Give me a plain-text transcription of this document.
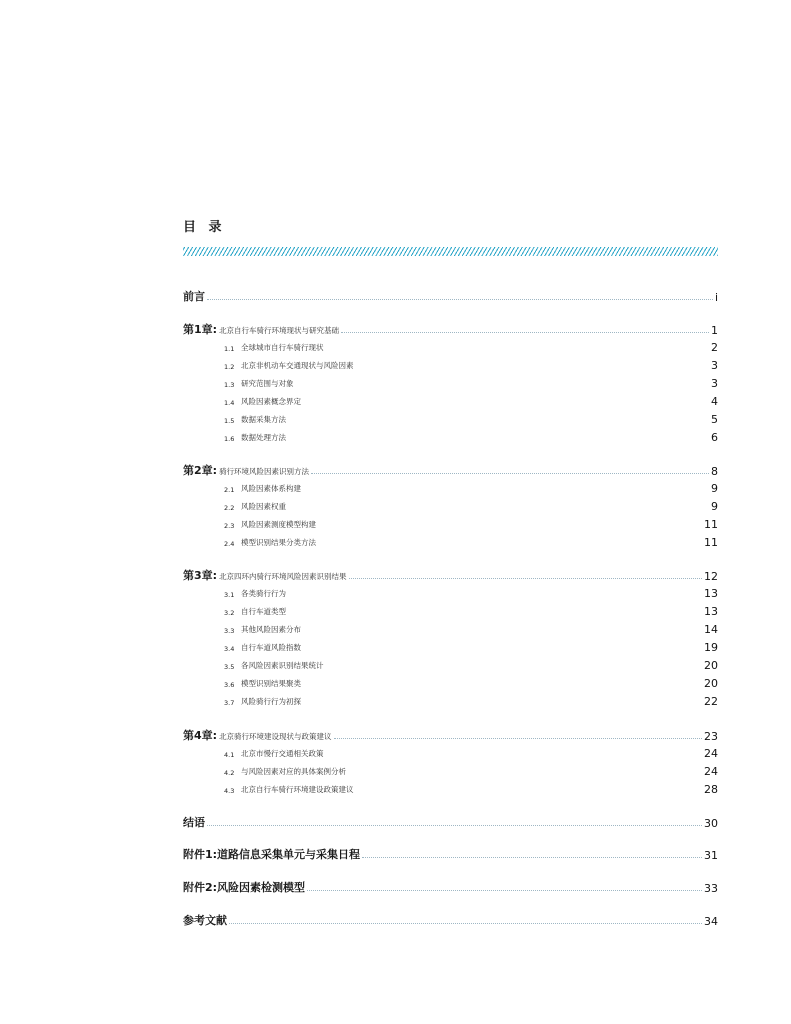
目 录
前言	i
第1章: 北京自行车骑行环境现状与研究基础	1
1.1 全球城市自行车骑行现状	2
1.2 北京非机动车交通现状与风险因素	3
1.3 研究范围与对象	3
1.4 风险因素概念界定	4
1.5 数据采集方法	5
1.6 数据处理方法	6
第2章: 骑行环境风险因素识别方法	8
2.1 风险因素体系构建	9
2.2 风险因素权重	9
2.3 风险因素测度模型构建	11
2.4 模型识别结果分类方法	11
第3章: 北京四环内骑行环境风险因素识别结果	12
3.1 各类骑行行为	13
3.2 自行车道类型	13
3.3 其他风险因素分布	14
3.4 自行车道风险指数	19
3.5 各风险因素识别结果统计	20
3.6 模型识别结果聚类	20
3.7 风险骑行行为初探	22
第4章: 北京骑行环境建设现状与政策建议	23
4.1 北京市慢行交通相关政策	24
4.2 与风险因素对应的具体案例分析	24
4.3 北京自行车骑行环境建设政策建议	28
结语	30
附件1:道路信息采集单元与采集日程	31
附件2:风险因素检测模型	33
参考文献	34
